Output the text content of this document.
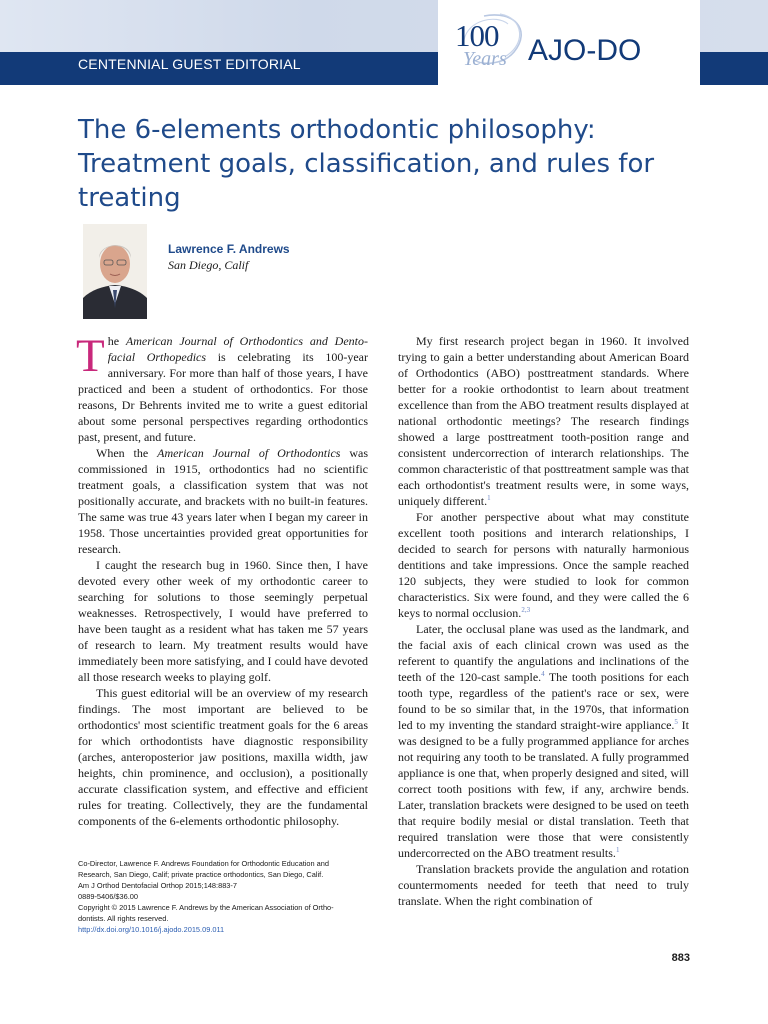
CENTENNIAL GUEST EDITORIAL
100
Years AJO-DO
The 6-elements orthodontic philosophy: Treatment goals, classification, and rules for treating
Lawrence F. Andrews
San Diego, Calif

The American Journal of Orthodontics and Dento-facial Orthopedics is celebrating its 100-year anniversary. For more than half of those years, I have practiced and been a student of orthodontics. For those reasons, Dr Behrents invited me to write a guest editorial about some personal perspectives regarding orthodontics past, present, and future.

When the American Journal of Orthodontics was commissioned in 1915, orthodontics had no scientific treatment goals, a classification system that was not positionally accurate, and brackets with no built-in features. The same was true 43 years later when I began my career in 1958. Those uncertainties provided great opportunities for research.

I caught the research bug in 1960. Since then, I have devoted every other week of my orthodontic career to searching for solutions to those seemingly perpetual weaknesses. Retrospectively, I would have preferred to have been taught as a resident what has taken me 57 years of research to learn. My treatment results would have immediately been more satisfying, and I could have devoted all those research weeks to playing golf.

This guest editorial will be an overview of my research findings. The most important are believed to be orthodontics' most scientific treatment goals for the 6 areas for which orthodontists have diagnostic responsibility (arches, anteroposterior jaw positions, maxilla width, jaw heights, chin prominence, and occlusion), a positionally accurate classification system, and effective and efficient rules for treating. Collectively, they are the fundamental components of the 6-elements orthodontic philosophy.

My first research project began in 1960. It involved trying to gain a better understanding about American Board of Orthodontics (ABO) posttreatment standards. Where better for a rookie orthodontist to learn about treatment excellence than from the ABO treatment results displayed at national orthodontic meetings? The research findings showed a large posttreatment tooth-position range and consistent undercorrection of interarch relationships. The common characteristic of that posttreatment sample was that each orthodontist's treatment results were, in some ways, uniquely different.$^1$

For another perspective about what may constitute excellent tooth positions and interarch relationships, I decided to search for persons with naturally harmonious dentitions and take impressions. Once the sample reached 120 subjects, they were studied to look for common characteristics. Six were found, and they were called the 6 keys to normal occlusion.$^{2,3}$

Later, the occlusal plane was used as the landmark, and the facial axis of each clinical crown was used as the referent to quantify the angulations and inclinations of the teeth of the 120-cast sample.$^4$ The tooth positions for each tooth type, regardless of the patient's race or sex, were found to be so similar that, in the 1970s, that information led to my inventing the standard straight-wire appliance.$^5$ It was designed to be a fully programmed appliance for arches not requiring any tooth to be translated. A fully programmed appliance is one that, when properly designed and sited, will correct tooth positions with few, if any, archwire bends. Later, translation brackets were designed to be used on teeth that require bodily mesial or distal translation. Teeth that required translation were those that were consistently undercorrected on the ABO treatment results.$^1$

Translation brackets provide the angulation and rotation countermoments needed for teeth that need to truly translate. When the right combination of

Co-Director, Lawrence F. Andrews Foundation for Orthodontic Education and
Research, San Diego, Calif; private practice orthodontics, San Diego, Calif.
Am J Orthod Dentofacial Orthop 2015;148:883-7
0889-5406/$36.00
Copyright © 2015 Lawrence F. Andrews by the American Association of Ortho-
dontists. All rights reserved.
http://dx.doi.org/10.1016/j.ajodo.2015.09.011
883
